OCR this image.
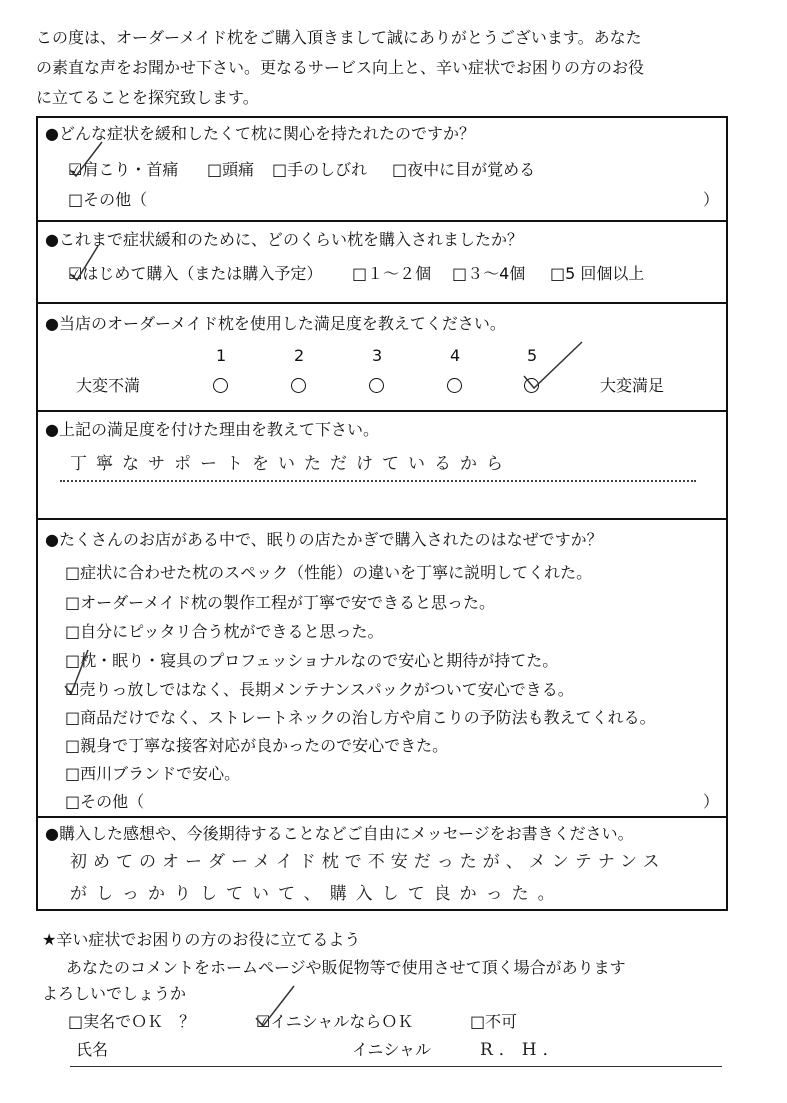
この度は、オーダーメイド枕をご購入頂きまして誠にありがとうございます。あなた
の素直な声をお聞かせ下さい。更なるサービス向上と、辛い症状でお困りの方のお役
に立てることを探究致します。
●どんな症状を緩和したくて枕に関心を持たれたのですか？
☑肩こり・首痛 □頭痛 □手のしびれ □夜中に目が覚める
□その他（	）
●これまで症状緩和のために、どのくらい枕を購入されましたか？
☑はじめて購入（または購入予定） □１～２個 □３～4個 □5 回個以上
●当店のオーダーメイド枕を使用した満足度を教えてください。
1	2	3	4	5
大変不満	大変満足
●上記の満足度を付けた理由を教えて下さい。
丁寧なサポートをいただけているから
●たくさんのお店がある中で、眠りの店たかぎで購入されたのはなぜですか？
□症状に合わせた枕のスペック（性能）の違いを丁寧に説明してくれた。
□オーダーメイド枕の製作工程が丁寧で安できると思った。
□自分にピッタリ合う枕ができると思った。
□枕・眠り・寝具のプロフェッショナルなので安心と期待が持てた。
☑売りっ放しではなく、長期メンテナンスパックがついて安心できる。
□商品だけでなく、ストレートネックの治し方や肩こりの予防法も教えてくれる。
□親身で丁寧な接客対応が良かったので安心できた。
□西川ブランドで安心。
□その他（	）
●購入した感想や、今後期待することなどご自由にメッセージをお書きください。
初めてのオーダーメイド枕で不安だったが、メンテナンス
がしっかりしていて、購入して良かった。
★辛い症状でお困りの方のお役に立てるよう
あなたのコメントをホームページや販促物等で使用させて頂く場合があります
よろしいでしょうか
□実名でＯＫ　？	☑イニシャルならＯＫ	□不可
氏名	イニシャル	R．H．
